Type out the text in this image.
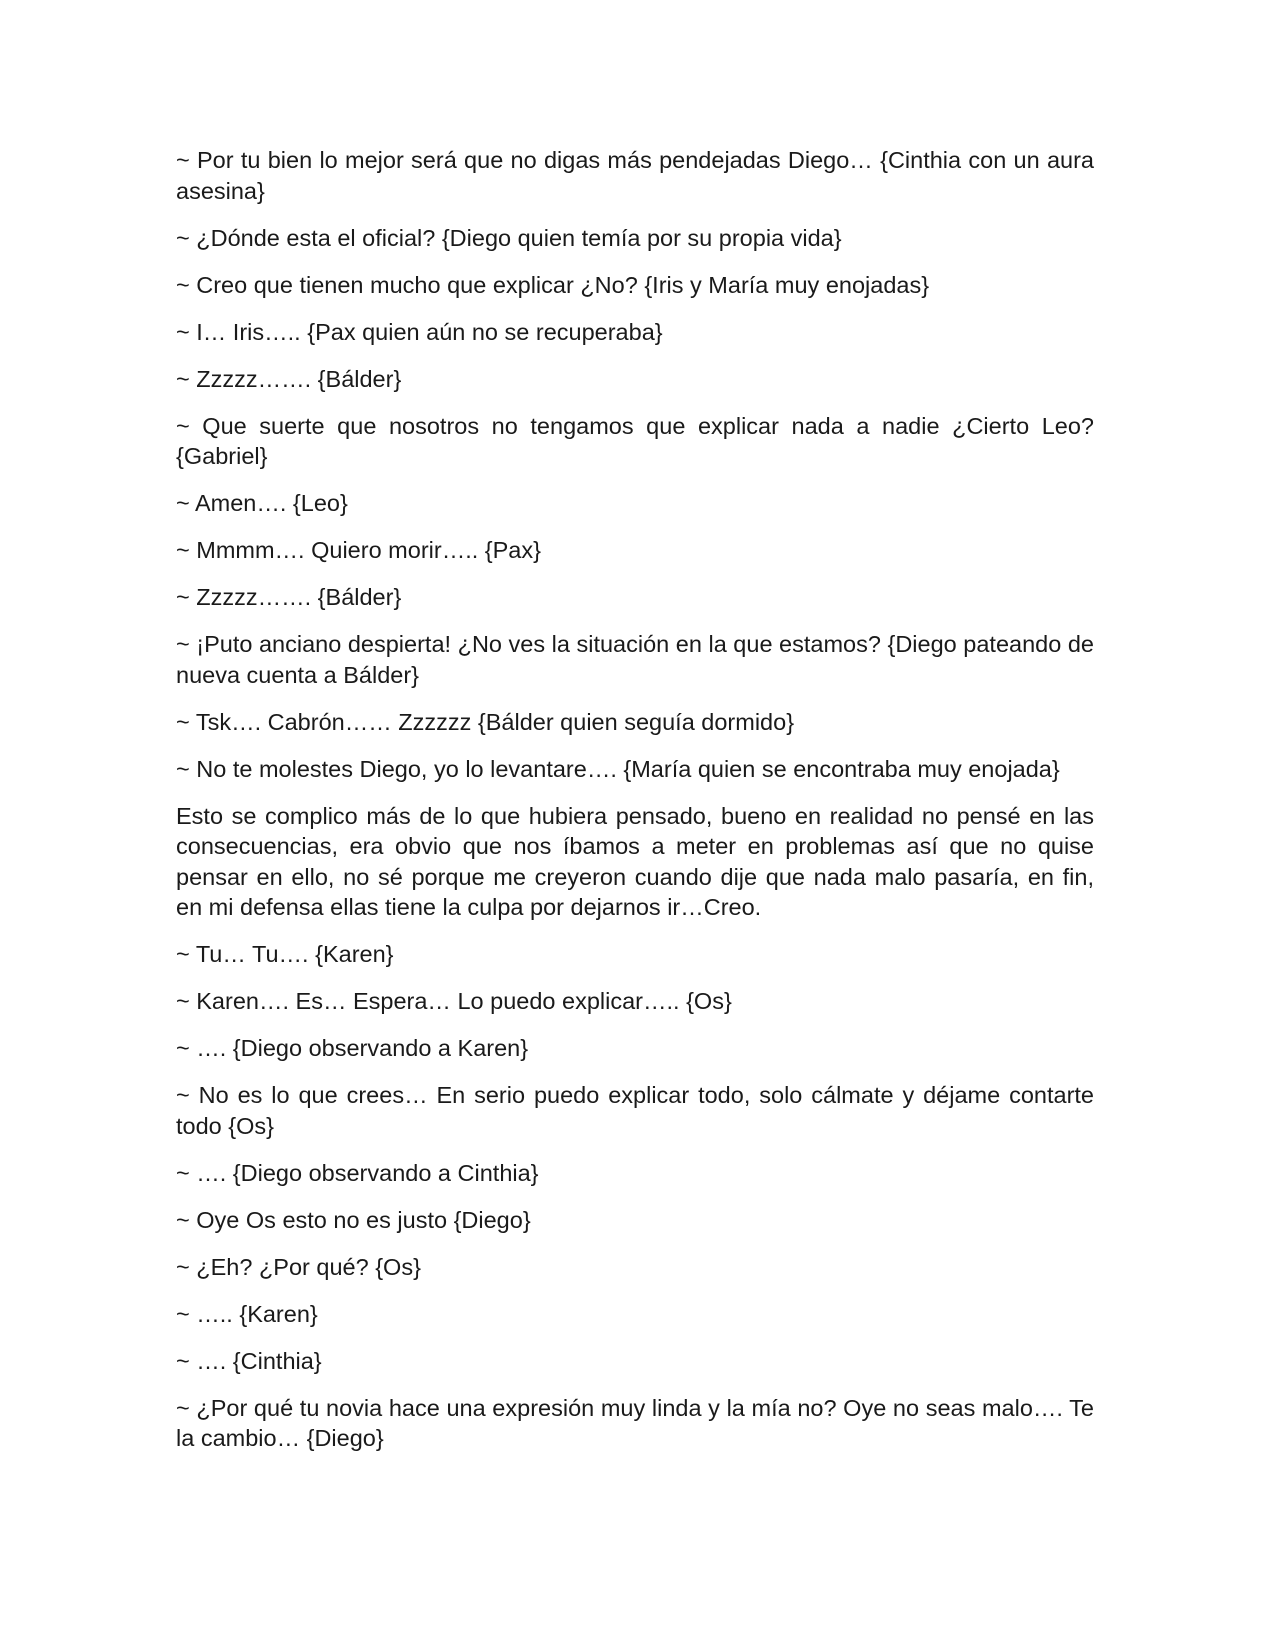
~ Por tu bien lo mejor será que no digas más pendejadas Diego… {Cinthia con un aura asesina}

~ ¿Dónde esta el oficial? {Diego quien temía por su propia vida}

~ Creo que tienen mucho que explicar ¿No? {Iris y María muy enojadas}

~ I… Iris….. {Pax quien aún no se recuperaba}

~ Zzzzz……. {Bálder}

~ Que suerte que nosotros no tengamos que explicar nada a nadie ¿Cierto Leo? {Gabriel}

~ Amen…. {Leo}

~ Mmmm…. Quiero morir….. {Pax}

~ Zzzzz……. {Bálder}

~ ¡Puto anciano despierta! ¿No ves la situación en la que estamos? {Diego pateando de nueva cuenta a Bálder}

~ Tsk…. Cabrón…… Zzzzzz {Bálder quien seguía dormido}

~ No te molestes Diego, yo lo levantare…. {María quien se encontraba muy enojada}

Esto se complico más de lo que hubiera pensado, bueno en realidad no pensé en las consecuencias, era obvio que nos íbamos a meter en problemas así que no quise pensar en ello, no sé porque me creyeron cuando dije que nada malo pasaría, en fin, en mi defensa ellas tiene la culpa por dejarnos ir…Creo.

~ Tu… Tu…. {Karen}

~ Karen…. Es… Espera… Lo puedo explicar….. {Os}

~ …. {Diego observando a Karen}

~ No es lo que crees… En serio puedo explicar todo, solo cálmate y déjame contarte todo {Os}

~ …. {Diego observando a Cinthia}

~ Oye Os esto no es justo {Diego}

~ ¿Eh? ¿Por qué? {Os}

~ ….. {Karen}

~ …. {Cinthia}

~ ¿Por qué tu novia hace una expresión muy linda y la mía no? Oye no seas malo…. Te la cambio… {Diego}
